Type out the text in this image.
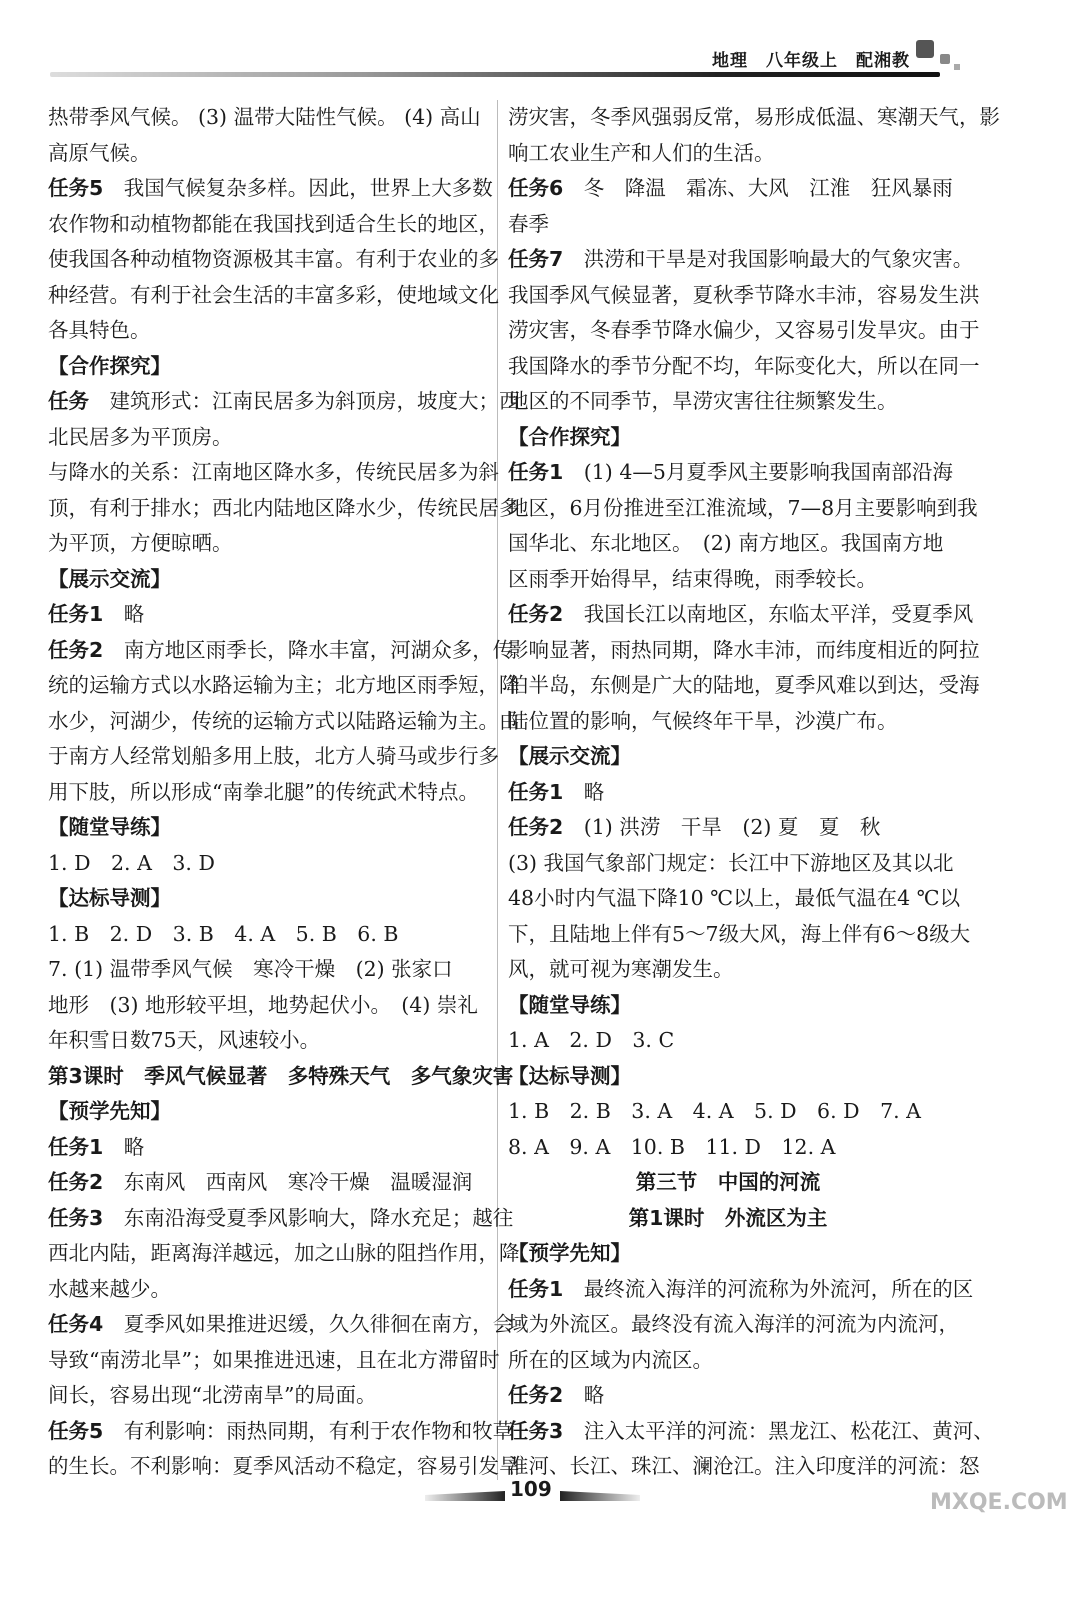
地理　八年级上　配湘教
热带季风气候。 (3) 温带大陆性气候。 (4) 高山
高原气候。
任务5　我国气候复杂多样。因此，世界上大多数
农作物和动植物都能在我国找到适合生长的地区，
使我国各种动植物资源极其丰富。有利于农业的多
种经营。有利于社会生活的丰富多彩，使地域文化
各具特色。
【合作探究】
任务　建筑形式：江南民居多为斜顶房，坡度大；西
北民居多为平顶房。
与降水的关系：江南地区降水多，传统民居多为斜
顶，有利于排水；西北内陆地区降水少，传统民居多
为平顶，方便晾晒。
【展示交流】
任务1　略
任务2　南方地区雨季长，降水丰富，河湖众多，传
统的运输方式以水路运输为主；北方地区雨季短，降
水少，河湖少，传统的运输方式以陆路运输为主。由
于南方人经常划船多用上肢，北方人骑马或步行多
用下肢，所以形成“南拳北腿”的传统武术特点。
【随堂导练】
1. D　2. A　3. D
【达标导测】
1. B　2. D　3. B　4. A　5. B　6. B
7. (1) 温带季风气候　寒冷干燥　(2) 张家口
地形　(3) 地形较平坦，地势起伏小。　(4) 崇礼
年积雪日数75天，风速较小。
第3课时　季风气候显著　多特殊天气　多气象灾害
【预学先知】
任务1　略
任务2　东南风　西南风　寒冷干燥　温暖湿润
任务3　东南沿海受夏季风影响大，降水充足；越往
西北内陆，距离海洋越远，加之山脉的阻挡作用，降
水越来越少。
任务4　夏季风如果推进迟缓，久久徘徊在南方，会
导致“南涝北旱”；如果推进迅速，且在北方滞留时
间长，容易出现“北涝南旱”的局面。
任务5　有利影响：雨热同期，有利于农作物和牧草
的生长。不利影响：夏季风活动不稳定，容易引发旱
涝灾害，冬季风强弱反常，易形成低温、寒潮天气，影
响工农业生产和人们的生活。
任务6　冬　降温　霜冻、大风　江淮　狂风暴雨
春季
任务7　洪涝和干旱是对我国影响最大的气象灾害。
我国季风气候显著，夏秋季节降水丰沛，容易发生洪
涝灾害，冬春季节降水偏少，又容易引发旱灾。由于
我国降水的季节分配不均，年际变化大，所以在同一
地区的不同季节，旱涝灾害往往频繁发生。
【合作探究】
任务1　(1) 4—5月夏季风主要影响我国南部沿海
地区，6月份推进至江淮流域，7—8月主要影响到我
国华北、东北地区。　(2) 南方地区。我国南方地
区雨季开始得早，结束得晚，雨季较长。
任务2　我国长江以南地区，东临太平洋，受夏季风
影响显著，雨热同期，降水丰沛，而纬度相近的阿拉
伯半岛，东侧是广大的陆地，夏季风难以到达，受海
陆位置的影响，气候终年干旱，沙漠广布。
【展示交流】
任务1　略
任务2　(1) 洪涝　干旱　(2) 夏　夏　秋
(3) 我国气象部门规定：长江中下游地区及其以北
48小时内气温下降10 ℃以上，最低气温在4 ℃以
下，且陆地上伴有5～7级大风，海上伴有6～8级大
风，就可视为寒潮发生。
【随堂导练】
1. A　2. D　3. C
【达标导测】
1. B　2. B　3. A　4. A　5. D　6. D　7. A
8. A　9. A　10. B　11. D　12. A
第三节　中国的河流
第1课时　外流区为主
【预学先知】
任务1　最终流入海洋的河流称为外流河，所在的区
域为外流区。最终没有流入海洋的河流为内流河，
所在的区域为内流区。
任务2　略
任务3　注入太平洋的河流：黑龙江、松花江、黄河、
淮河、长江、珠江、澜沧江。注入印度洋的河流：怒
109
MXQE.COM
